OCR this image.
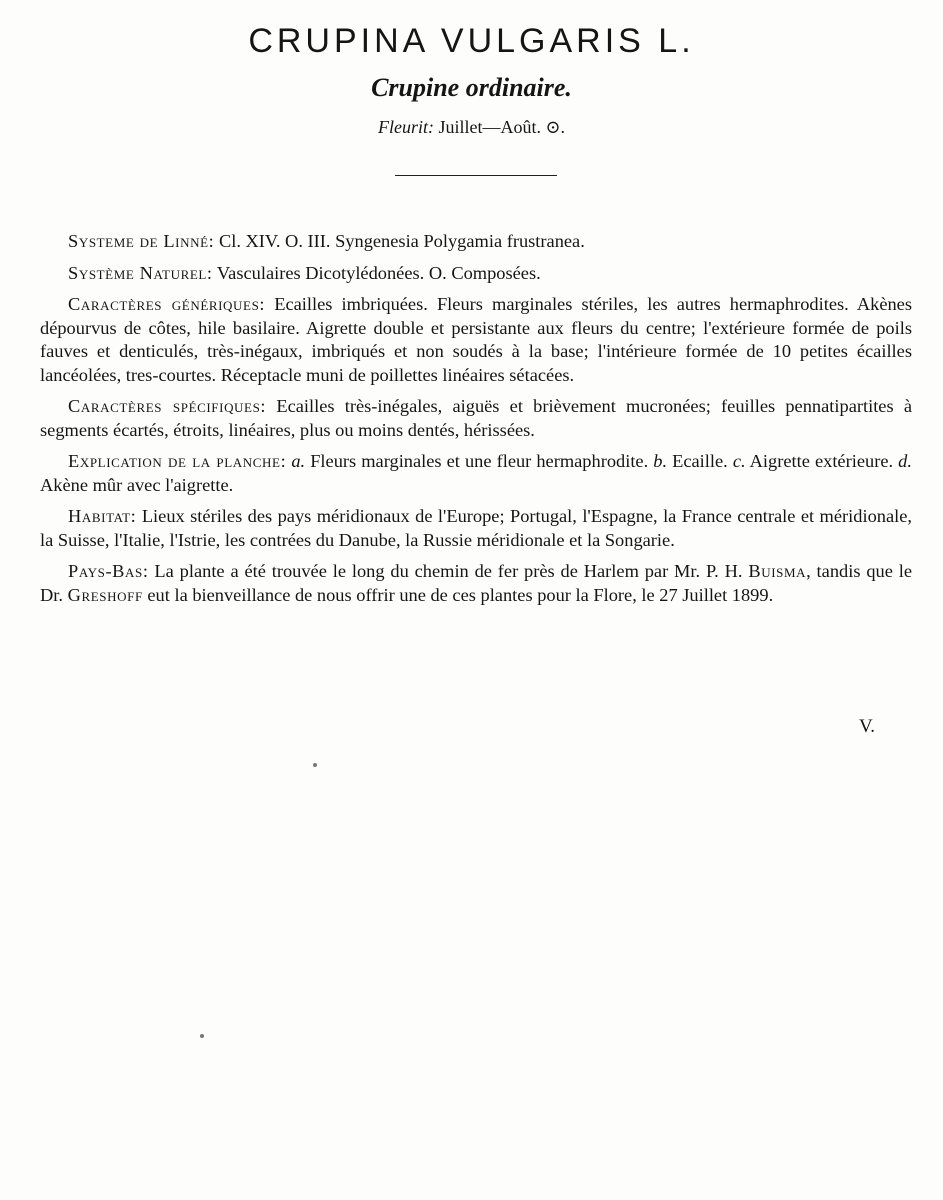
CRUPINA VULGARIS L.
Crupine ordinaire.
Fleurit: Juillet—Août. ⊙.

Systeme de Linné: Cl. XIV. O. III. Syngenesia Polygamia frustranea.

Système Naturel: Vasculaires Dicotylédonées. O. Composées.

Caractères génériques: Ecailles imbriquées. Fleurs marginales stériles, les autres hermaphrodites. Akènes dépourvus de côtes, hile basilaire. Aigrette double et persistante aux fleurs du centre; l'extérieure formée de poils fauves et denticulés, très-inégaux, imbriqués et non soudés à la base; l'intérieure formée de 10 petites écailles lancéolées, tres-courtes. Réceptacle muni de poillettes linéaires sétacées.

Caractères spécifiques: Ecailles très-inégales, aiguës et brièvement mucronées; feuilles pennatipartites à segments écartés, étroits, linéaires, plus ou moins dentés, hérissées.

Explication de la planche: a. Fleurs marginales et une fleur hermaphrodite. b. Ecaille. c. Aigrette extérieure. d. Akène mûr avec l'aigrette.

Habitat: Lieux stériles des pays méridionaux de l'Europe; Portugal, l'Espagne, la France centrale et méridionale, la Suisse, l'Italie, l'Istrie, les contrées du Danube, la Russie méridionale et la Songarie.

Pays-Bas: La plante a été trouvée le long du chemin de fer près de Harlem par Mr. P. H. Buisma, tandis que le Dr. Greshoff eut la bienveillance de nous offrir une de ces plantes pour la Flore, le 27 Juillet 1899.

V.
